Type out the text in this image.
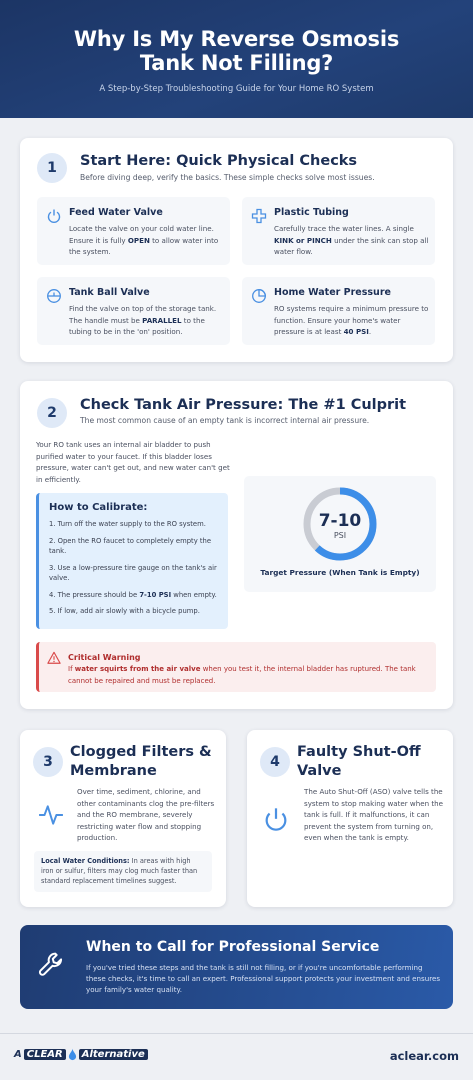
Why Is My Reverse Osmosis
Tank Not Filling?
A Step-by-Step Troubleshooting Guide for Your Home RO System
1	Start Here: Quick Physical Checks
Before diving deep, verify the basics. These simple checks solve most issues.
Feed Water Valve
Locate the valve on your cold water line. Ensure it is fully OPEN to allow water into the system.
Plastic Tubing
Carefully trace the water lines. A single KINK or PINCH under the sink can stop all water flow.
Tank Ball Valve
Find the valve on top of the storage tank. The handle must be PARALLEL to the tubing to be in the 'on' position.
Home Water Pressure
RO systems require a minimum pressure to function. Ensure your home's water pressure is at least 40 PSI.
2	Check Tank Air Pressure: The #1 Culprit
The most common cause of an empty tank is incorrect internal air pressure.
Your RO tank uses an internal air bladder to push purified water to your faucet. If this bladder loses pressure, water can't get out, and new water can't get in efficiently.
How to Calibrate:
1. Turn off the water supply to the RO system.
2. Open the RO faucet to completely empty the tank.
3. Use a low-pressure tire gauge on the tank's air valve.
4. The pressure should be 7-10 PSI when empty.
5. If low, add air slowly with a bicycle pump.
7-10
PSI
Target Pressure (When Tank is Empty)
Critical Warning
If water squirts from the air valve when you test it, the internal bladder has ruptured. The tank cannot be repaired and must be replaced.
3
Clogged Filters &
Membrane
Over time, sediment, chlorine, and other contaminants clog the pre-filters and the RO membrane, severely restricting water flow and stopping production.
Local Water Conditions: In areas with high iron or sulfur, filters may clog much faster than standard replacement timelines suggest.
4
Faulty Shut-Off
Valve
The Auto Shut-Off (ASO) valve tells the system to stop making water when the tank is full. If it malfunctions, it can prevent the system from turning on, even when the tank is empty.
When to Call for Professional Service
If you've tried these steps and the tank is still not filling, or if you're uncomfortable performing these checks, it's time to call an expert. Professional support protects your investment and ensures your family's water quality.
A CLEAR	Alternative	aclear.com
